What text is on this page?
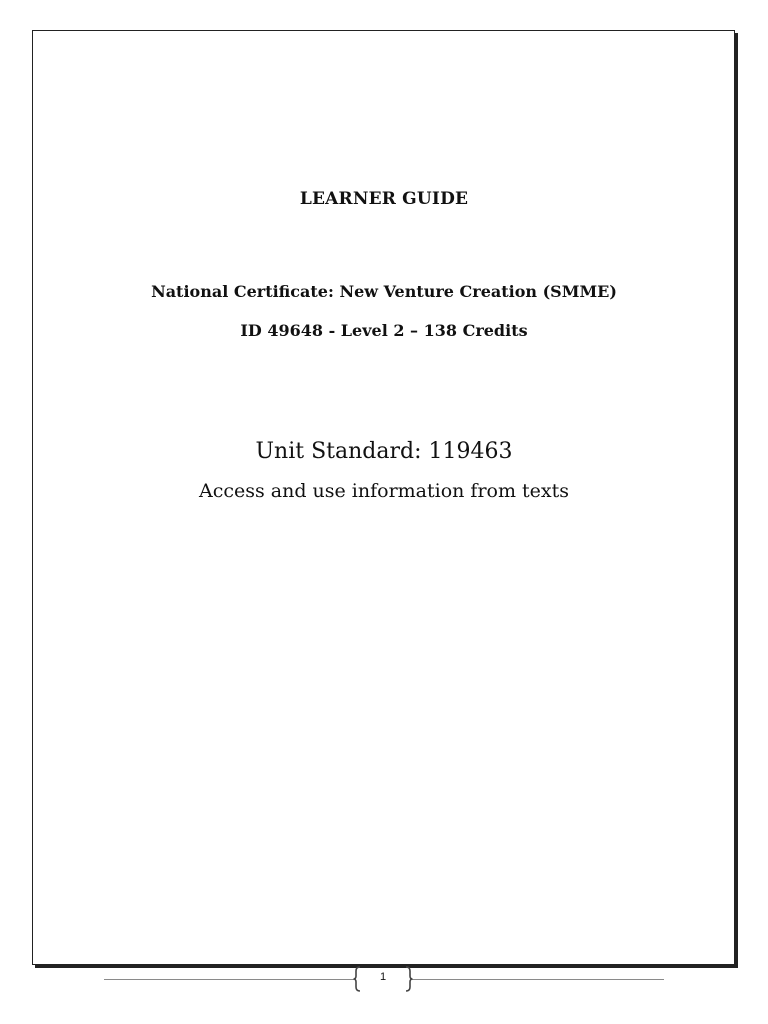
LEARNER GUIDE
National Certificate: New Venture Creation (SMME)
ID 49648 - Level 2 – 138 Credits
Unit Standard: 119463
Access and use information from texts
1
